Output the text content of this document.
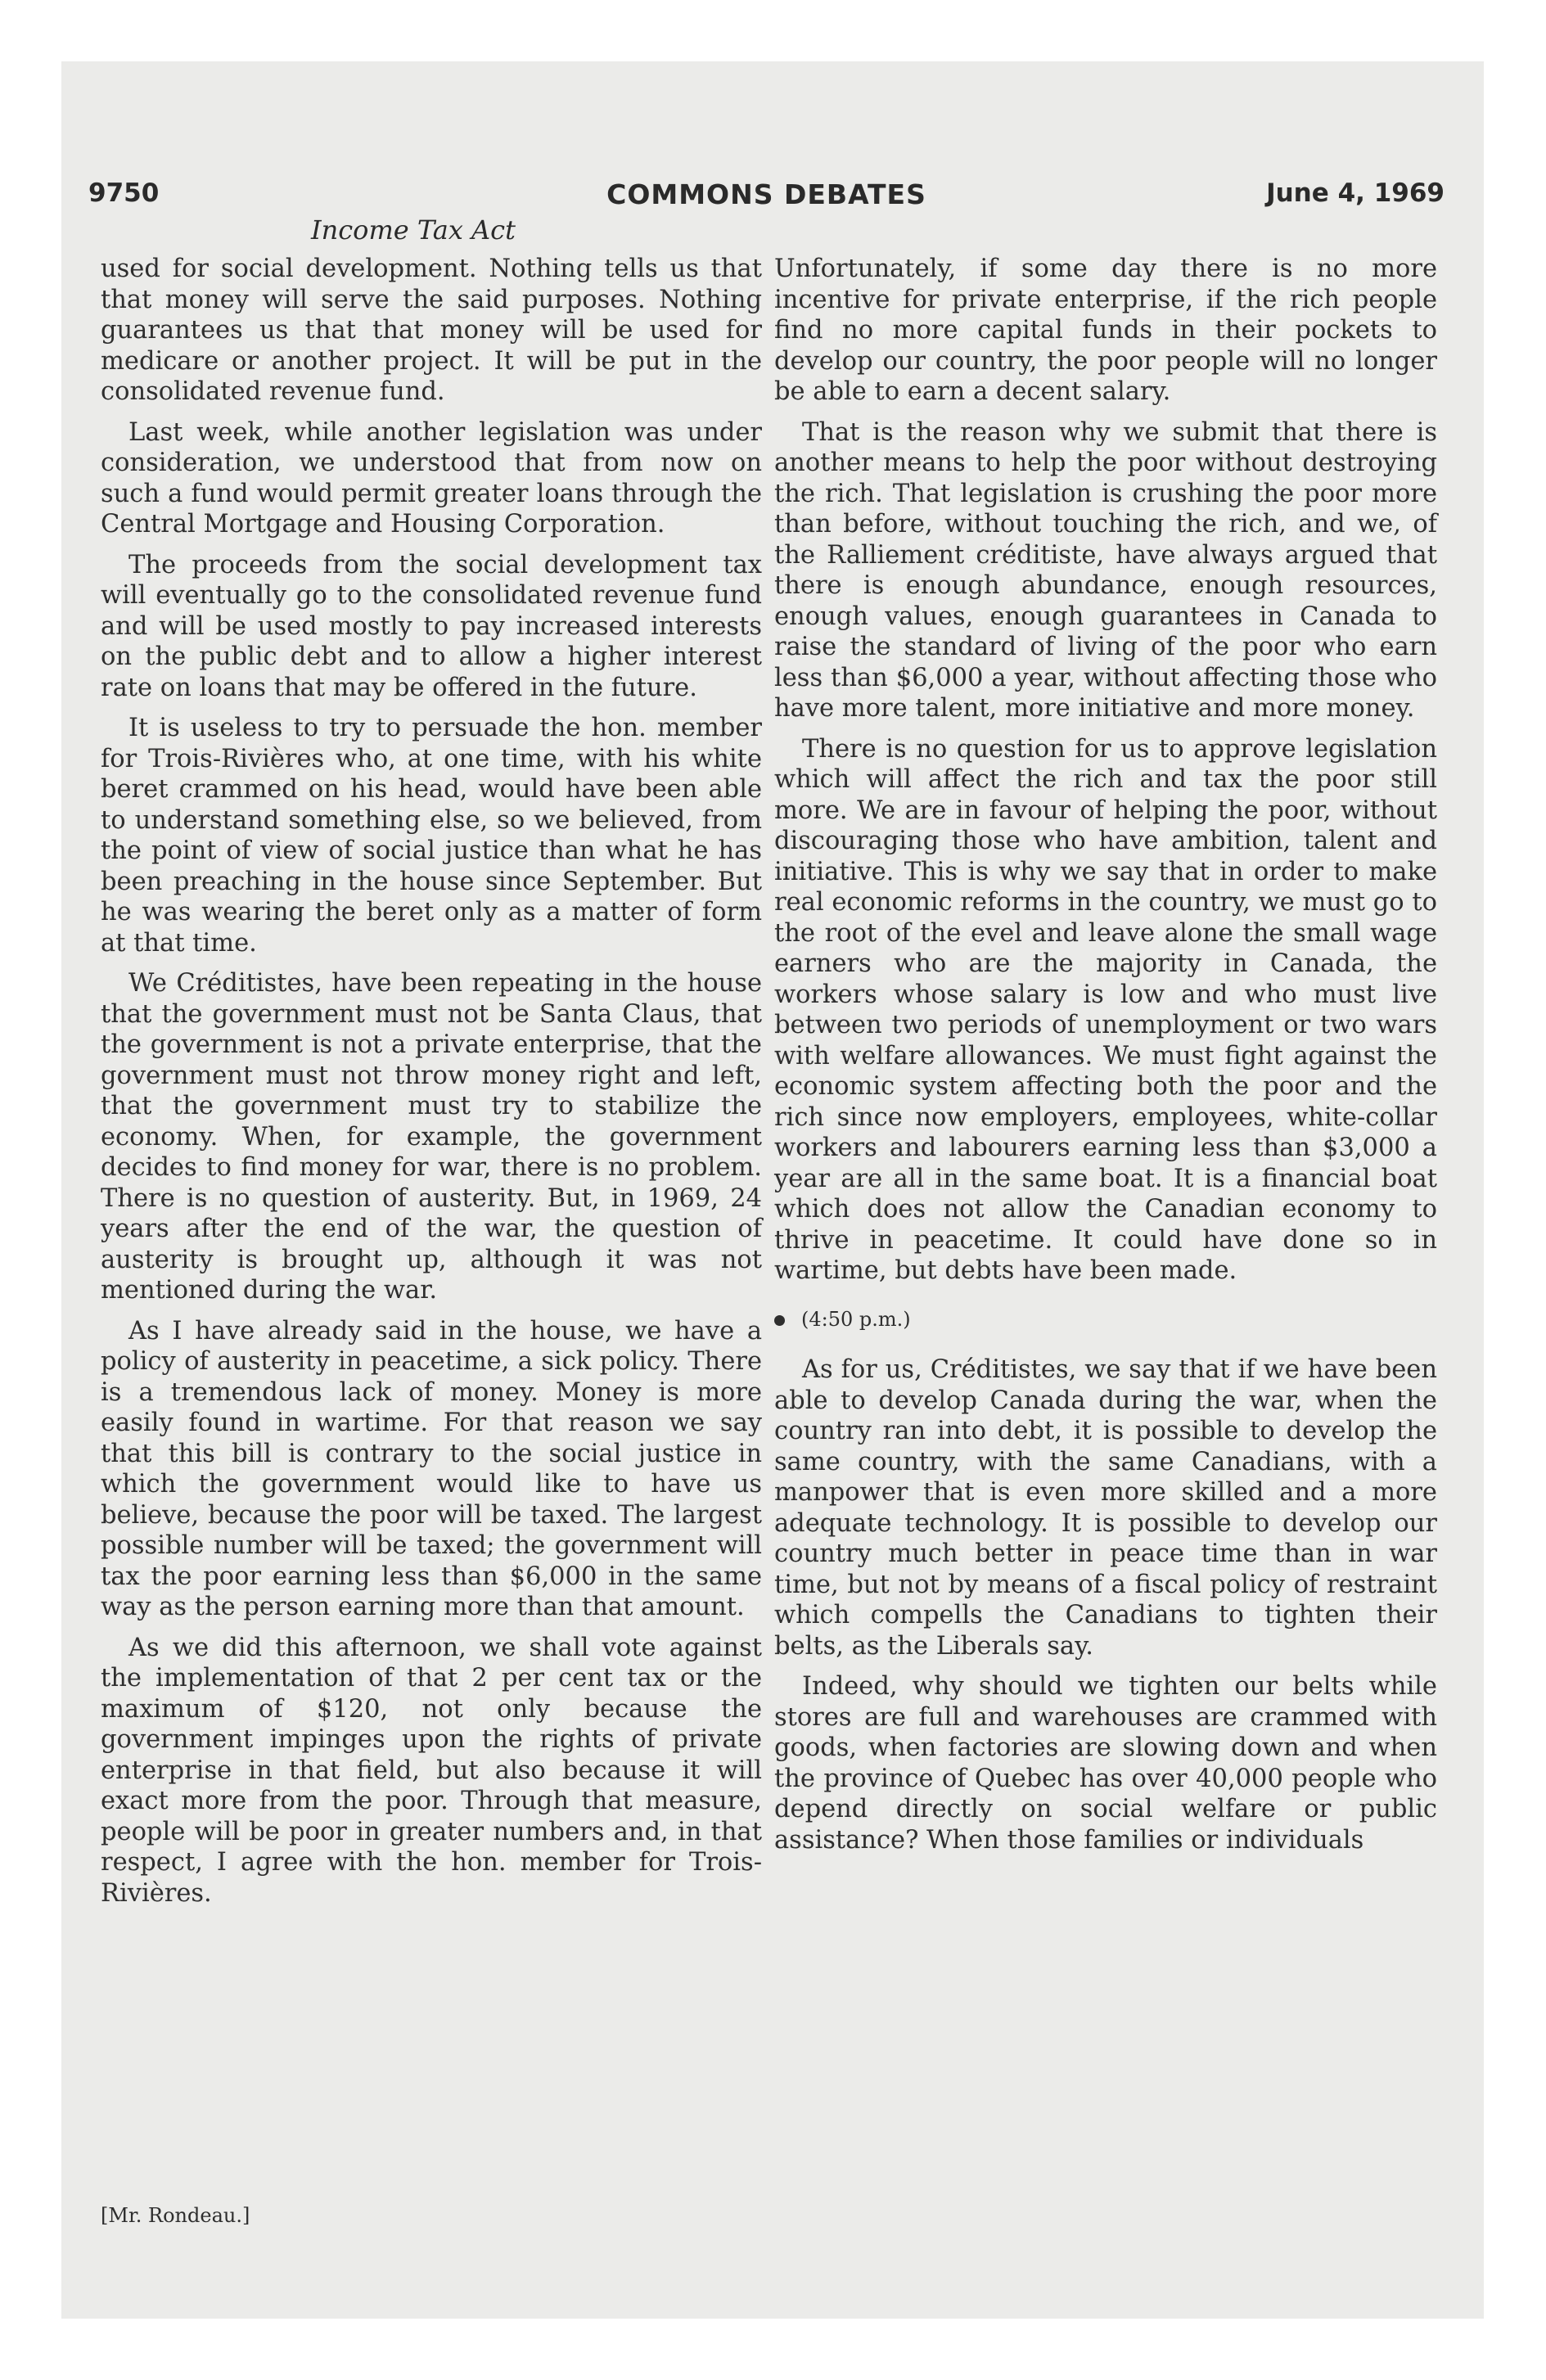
9750	COMMONS DEBATES	June 4, 1969
Income Tax Act

used for social development. Nothing tells us that that money will serve the said purposes. Nothing guarantees us that that money will be used for medicare or another project. It will be put in the consolidated revenue fund.

Last week, while another legislation was under consideration, we understood that from now on such a fund would permit greater loans through the Central Mortgage and Housing Corporation.

The proceeds from the social development tax will eventually go to the consolidated revenue fund and will be used mostly to pay increased interests on the public debt and to allow a higher interest rate on loans that may be offered in the future.

It is useless to try to persuade the hon. member for Trois-Rivières who, at one time, with his white beret crammed on his head, would have been able to understand something else, so we believed, from the point of view of social justice than what he has been preaching in the house since September. But he was wearing the beret only as a matter of form at that time.

We Créditistes, have been repeating in the house that the government must not be Santa Claus, that the government is not a private enterprise, that the government must not throw money right and left, that the government must try to stabilize the economy. When, for example, the government decides to find money for war, there is no problem. There is no question of austerity. But, in 1969, 24 years after the end of the war, the question of austerity is brought up, although it was not mentioned during the war.

As I have already said in the house, we have a policy of austerity in peacetime, a sick policy. There is a tremendous lack of money. Money is more easily found in wartime. For that reason we say that this bill is contrary to the social justice in which the government would like to have us believe, because the poor will be taxed. The largest possible number will be taxed; the government will tax the poor earning less than $6,000 in the same way as the person earning more than that amount.

As we did this afternoon, we shall vote against the implementation of that 2 per cent tax or the maximum of $120, not only because the government impinges upon the rights of private enterprise in that field, but also because it will exact more from the poor. Through that measure, people will be poor in greater numbers and, in that respect, I agree with the hon. member for Trois-Rivières.

[Mr. Rondeau.]

Unfortunately, if some day there is no more incentive for private enterprise, if the rich people find no more capital funds in their pockets to develop our country, the poor people will no longer be able to earn a decent salary.

That is the reason why we submit that there is another means to help the poor without destroying the rich. That legislation is crushing the poor more than before, without touching the rich, and we, of the Ralliement créditiste, have always argued that there is enough abundance, enough resources, enough values, enough guarantees in Canada to raise the standard of living of the poor who earn less than $6,000 a year, without affecting those who have more talent, more initiative and more money.

There is no question for us to approve legislation which will affect the rich and tax the poor still more. We are in favour of helping the poor, without discouraging those who have ambition, talent and initiative. This is why we say that in order to make real economic reforms in the country, we must go to the root of the evel and leave alone the small wage earners who are the majority in Canada, the workers whose salary is low and who must live between two periods of unemployment or two wars with welfare allowances. We must fight against the economic system affecting both the poor and the rich since now employers, employees, white-collar workers and labourers earning less than $3,000 a year are all in the same boat. It is a financial boat which does not allow the Canadian economy to thrive in peacetime. It could have done so in wartime, but debts have been made.

(4:50 p.m.)

As for us, Créditistes, we say that if we have been able to develop Canada during the war, when the country ran into debt, it is possible to develop the same country, with the same Canadians, with a manpower that is even more skilled and a more adequate technology. It is possible to develop our country much better in peace time than in war time, but not by means of a fiscal policy of restraint which compells the Canadians to tighten their belts, as the Liberals say.

Indeed, why should we tighten our belts while stores are full and warehouses are crammed with goods, when factories are slowing down and when the province of Quebec has over 40,000 people who depend directly on social welfare or public assistance? When those families or individuals
